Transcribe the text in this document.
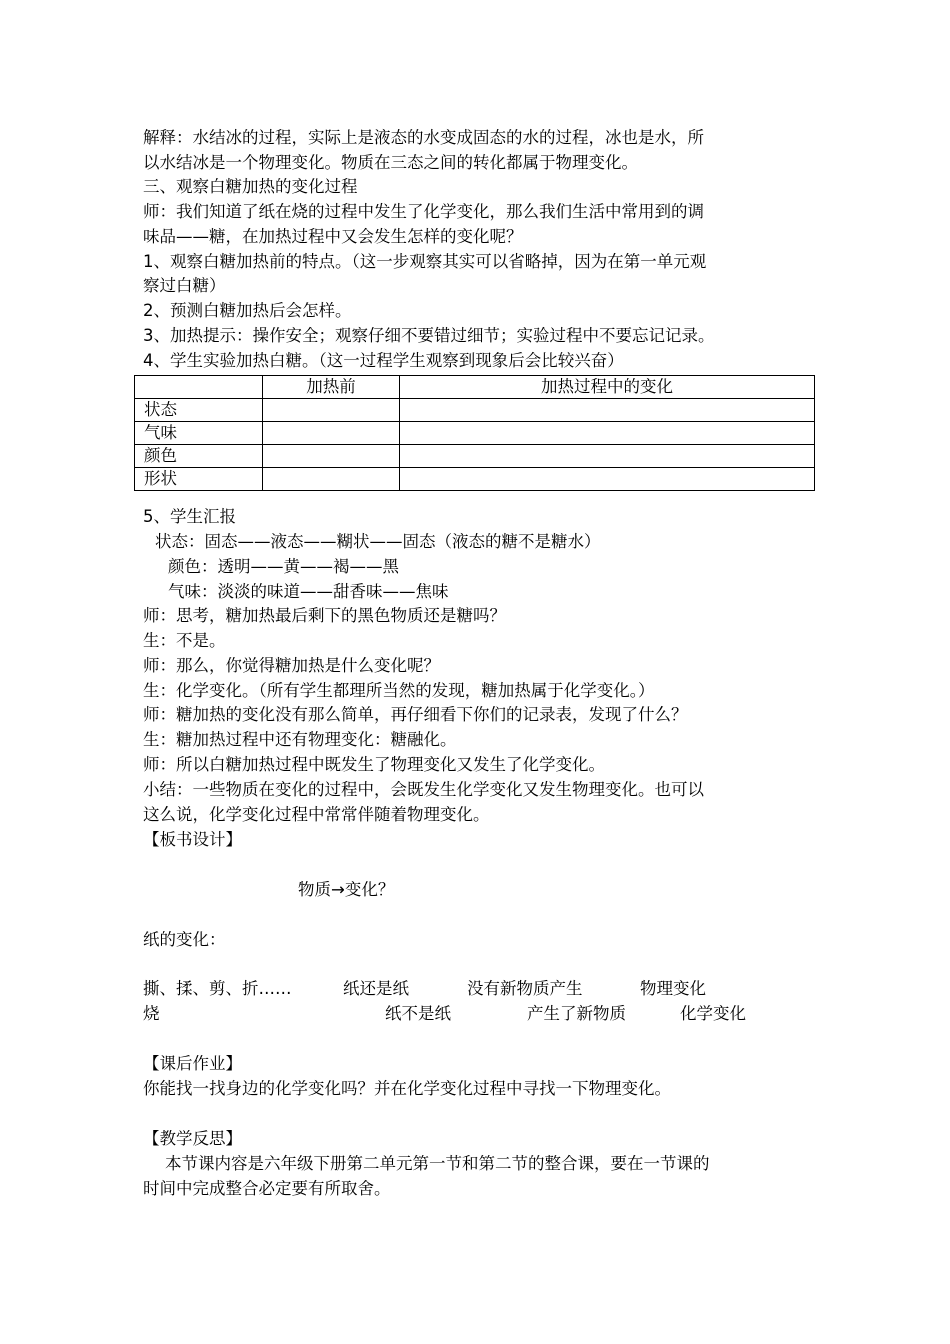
解释：水结冰的过程，实际上是液态的水变成固态的水的过程，冰也是水，所
以水结冰是一个物理变化。物质在三态之间的转化都属于物理变化。
三、观察白糖加热的变化过程
师：我们知道了纸在烧的过程中发生了化学变化，那么我们生活中常用到的调
味品——糖，在加热过程中又会发生怎样的变化呢？
1、观察白糖加热前的特点。（这一步观察其实可以省略掉，因为在第一单元观
察过白糖）
2、预测白糖加热后会怎样。
3、加热提示：操作安全；观察仔细不要错过细节；实验过程中不要忘记记录。
4、学生实验加热白糖。（这一过程学生观察到现象后会比较兴奋）
	加热前	加热过程中的变化
状态		
气味		
颜色		
形状		
5、学生汇报
状态：固态——液态——糊状——固态（液态的糖不是糖水）
颜色：透明——黄——褐——黑
气味：淡淡的味道——甜香味——焦味
师：思考，糖加热最后剩下的黑色物质还是糖吗？
生：不是。
师：那么，你觉得糖加热是什么变化呢？
生：化学变化。（所有学生都理所当然的发现，糖加热属于化学变化。）
师：糖加热的变化没有那么简单，再仔细看下你们的记录表，发现了什么？
生：糖加热过程中还有物理变化：糖融化。
师：所以白糖加热过程中既发生了物理变化又发生了化学变化。
小结：一些物质在变化的过程中，会既发生化学变化又发生物理变化。也可以
这么说，化学变化过程中常常伴随着物理变化。
【板书设计】
物质→变化？
纸的变化：
撕、揉、剪、折……	纸还是纸	没有新物质产生	物理变化
烧	纸不是纸	产生了新物质	化学变化
【课后作业】
你能找一找身边的化学变化吗？并在化学变化过程中寻找一下物理变化。
【教学反思】
本节课内容是六年级下册第二单元第一节和第二节的整合课，要在一节课的
时间中完成整合必定要有所取舍。
